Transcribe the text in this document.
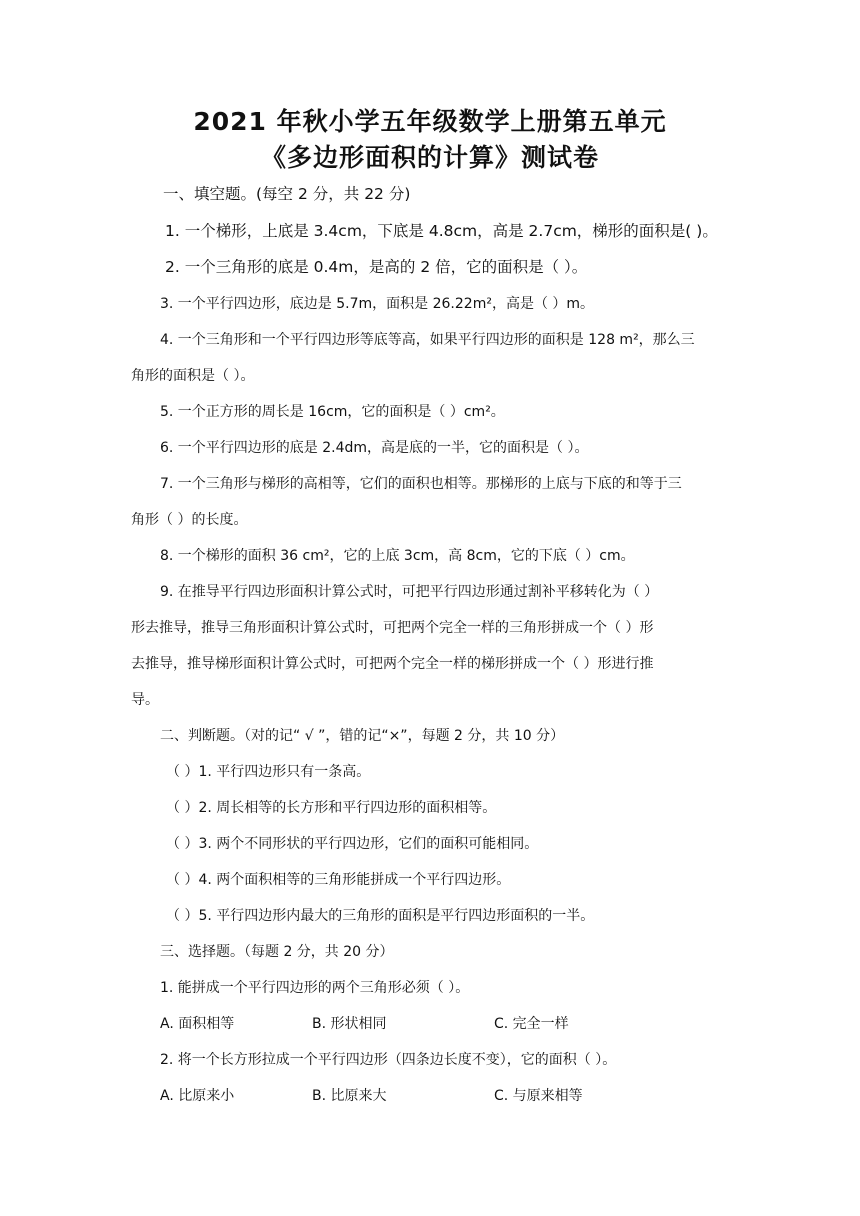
2021 年秋小学五年级数学上册第五单元
《多边形面积的计算》测试卷
一、填空题。(每空 2 分，共 22 分)
1. 一个梯形，上底是 3.4cm，下底是 4.8cm，高是 2.7cm，梯形的面积是( )。
2. 一个三角形的底是 0.4m，是高的 2 倍，它的面积是（ ）。
3. 一个平行四边形，底边是 5.7m，面积是 26.22m²，高是（ ）m。
4. 一个三角形和一个平行四边形等底等高，如果平行四边形的面积是 128 m²，那么三
角形的面积是（ ）。
5. 一个正方形的周长是 16cm，它的面积是（ ）cm²。
6. 一个平行四边形的底是 2.4dm，高是底的一半，它的面积是（ ）。
7. 一个三角形与梯形的高相等，它们的面积也相等。那梯形的上底与下底的和等于三
角形（ ）的长度。
8. 一个梯形的面积 36 cm²，它的上底 3cm，高 8cm，它的下底（ ）cm。
9. 在推导平行四边形面积计算公式时，可把平行四边形通过割补平移转化为（ ）
形去推导，推导三角形面积计算公式时，可把两个完全一样的三角形拼成一个（ ）形
去推导，推导梯形面积计算公式时，可把两个完全一样的梯形拼成一个（ ）形进行推
导。
二、判断题。（对的记“ √ ”，错的记“×”，每题 2 分，共 10 分）
（ ）1. 平行四边形只有一条高。
（ ）2. 周长相等的长方形和平行四边形的面积相等。
（ ）3. 两个不同形状的平行四边形，它们的面积可能相同。
（ ）4. 两个面积相等的三角形能拼成一个平行四边形。
（ ）5. 平行四边形内最大的三角形的面积是平行四边形面积的一半。
三、选择题。（每题 2 分，共 20 分）
1. 能拼成一个平行四边形的两个三角形必须（ ）。
A. 面积相等	B. 形状相同	C. 完全一样
2. 将一个长方形拉成一个平行四边形（四条边长度不变），它的面积（ ）。
A. 比原来小	B. 比原来大	C. 与原来相等
